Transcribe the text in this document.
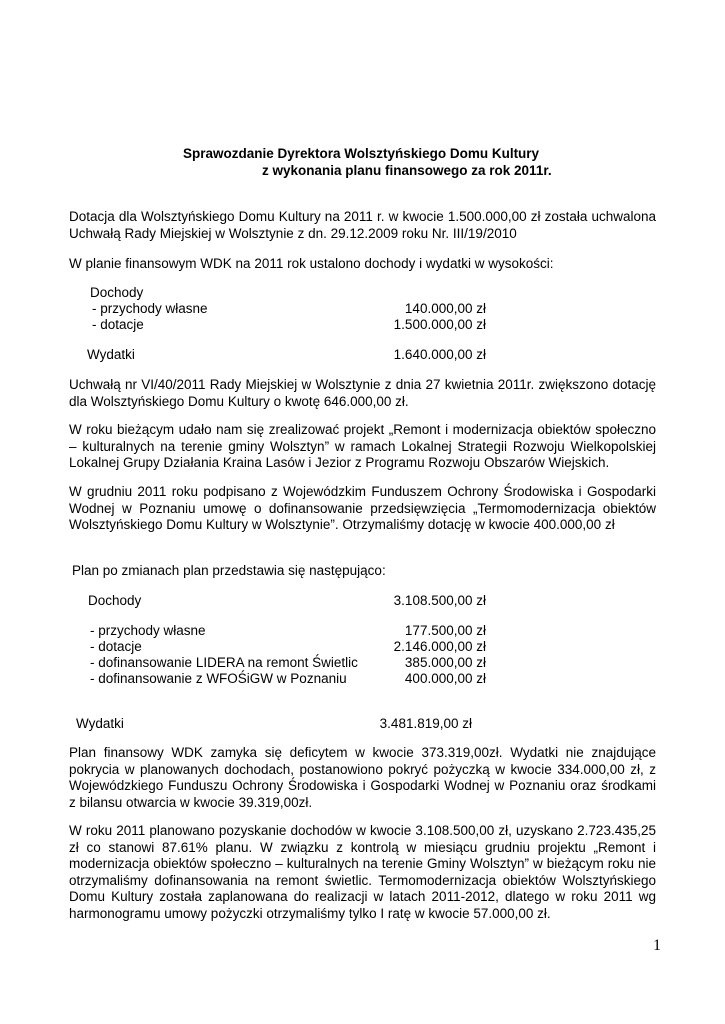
Sprawozdanie Dyrektora Wolsztyńskiego Domu Kultury
z wykonania planu finansowego za rok 2011r.
Dotacja dla Wolsztyńskiego Domu Kultury na 2011 r. w kwocie 1.500.000,00 zł została uchwalona Uchwałą Rady Miejskiej w Wolsztynie z dn. 29.12.2009 roku Nr. III/19/2010
W planie finansowym WDK na 2011 rok ustalono dochody i wydatki w wysokości:
Dochody
- przychody własne	140.000,00 zł
- dotacje	1.500.000,00 zł
Wydatki	1.640.000,00 zł
Uchwałą nr VI/40/2011 Rady Miejskiej w Wolsztynie z dnia 27 kwietnia 2011r. zwiększono dotację dla Wolsztyńskiego Domu Kultury o kwotę 646.000,00 zł.
W roku bieżącym udało nam się zrealizować projekt „Remont i modernizacja obiektów społeczno – kulturalnych na terenie gminy Wolsztyn” w ramach Lokalnej Strategii Rozwoju Wielkopolskiej Lokalnej Grupy Działania Kraina Lasów i Jezior z Programu Rozwoju Obszarów Wiejskich.
W grudniu 2011 roku podpisano z Wojewódzkim Funduszem Ochrony Środowiska i Gospodarki Wodnej w Poznaniu umowę o dofinansowanie przedsięwzięcia „Termomodernizacja obiektów Wolsztyńskiego Domu Kultury w Wolsztynie”. Otrzymaliśmy dotację w kwocie 400.000,00 zł
Plan po zmianach plan przedstawia się następująco:
Dochody	3.108.500,00 zł
- przychody własne	177.500,00 zł
- dotacje	2.146.000,00 zł
- dofinansowanie LIDERA na remont Świetlic	385.000,00 zł
- dofinansowanie z WFOŚiGW w Poznaniu	400.000,00 zł
Wydatki	3.481.819,00 zł
Plan finansowy WDK zamyka się deficytem w kwocie 373.319,00zł. Wydatki nie znajdujące pokrycia w planowanych dochodach, postanowiono pokryć pożyczką w kwocie 334.000,00 zł, z Wojewódzkiego Funduszu Ochrony Środowiska i Gospodarki Wodnej w Poznaniu oraz środkami z bilansu otwarcia w kwocie 39.319,00zł.
W roku 2011 planowano pozyskanie dochodów w kwocie 3.108.500,00 zł, uzyskano 2.723.435,25 zł co stanowi 87.61% planu. W związku z kontrolą w miesiącu grudniu projektu „Remont i modernizacja obiektów społeczno – kulturalnych na terenie Gminy Wolsztyn” w bieżącym roku nie otrzymaliśmy dofinansowania na remont świetlic. Termomodernizacja obiektów Wolsztyńskiego Domu Kultury została zaplanowana do realizacji w latach 2011-2012, dlatego w roku 2011 wg harmonogramu umowy pożyczki otrzymaliśmy tylko I ratę w kwocie 57.000,00 zł.
1
